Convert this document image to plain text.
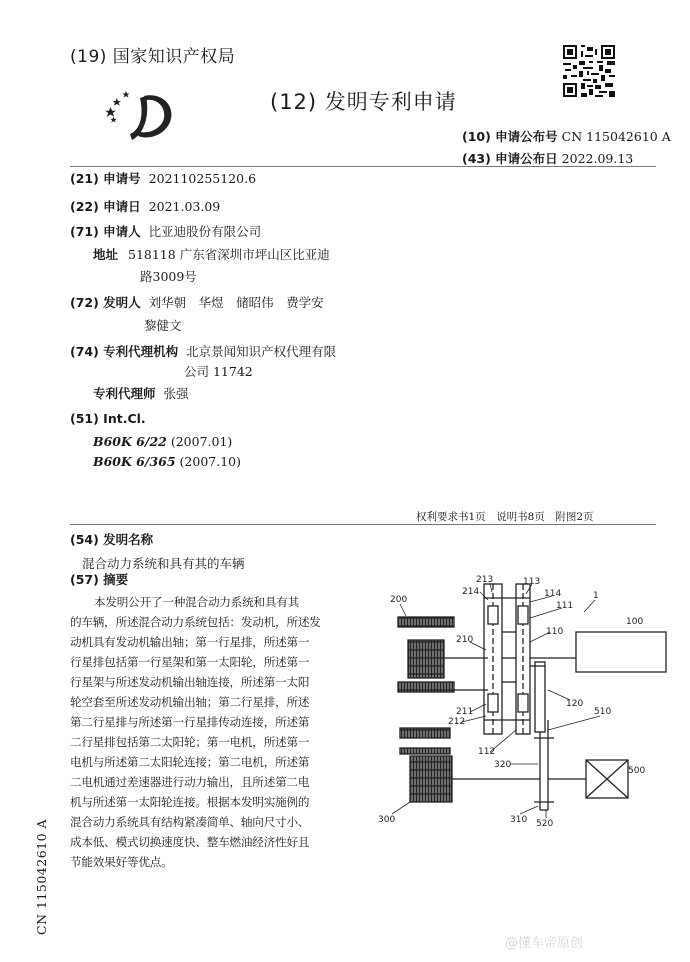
(19) 国家知识产权局
(12) 发明专利申请
(10) 申请公布号 CN 115042610 A
(43) 申请公布日 2022.09.13
(21) 申请号 202110255120.6
(22) 申请日 2021.03.09
(71) 申请人 比亚迪股份有限公司
地址 518118 广东省深圳市坪山区比亚迪
路3009号
(72) 发明人 刘华朝　华煜　储昭伟　费学安
黎健文
(74) 专利代理机构 北京景闻知识产权代理有限
公司 11742
专利代理师 张强
(51) Int.Cl.
B60K 6/22 (2007.01)
B60K 6/365 (2007.10)
权利要求书1页　说明书8页　附图2页
(54) 发明名称
混合动力系统和具有其的车辆
(57) 摘要
本发明公开了一种混合动力系统和具有其
的车辆，所述混合动力系统包括：发动机，所述发
动机具有发动机输出轴；第一行星排，所述第一
行星排包括第一行星架和第一太阳轮，所述第一
行星架与所述发动机输出轴连接，所述第一太阳
轮空套至所述发动机输出轴；第二行星排，所述
第二行星排与所述第一行星排传动连接，所述第
二行星排包括第二太阳轮；第一电机，所述第一
电机与所述第二太阳轮连接；第二电机，所述第
二电机通过差速器进行动力输出，且所述第二电
机与所述第一太阳轮连接。根据本发明实施例的
混合动力系统具有结构紧凑简单、轴向尺寸小、
成本低、模式切换速度快、整车燃油经济性好且
节能效果好等优点。
1
100
110
111
112
113
114
120
200
210
211
212
213
214
300	310
320
500
510
520
CN 115042610 A
@懂车帝原创
